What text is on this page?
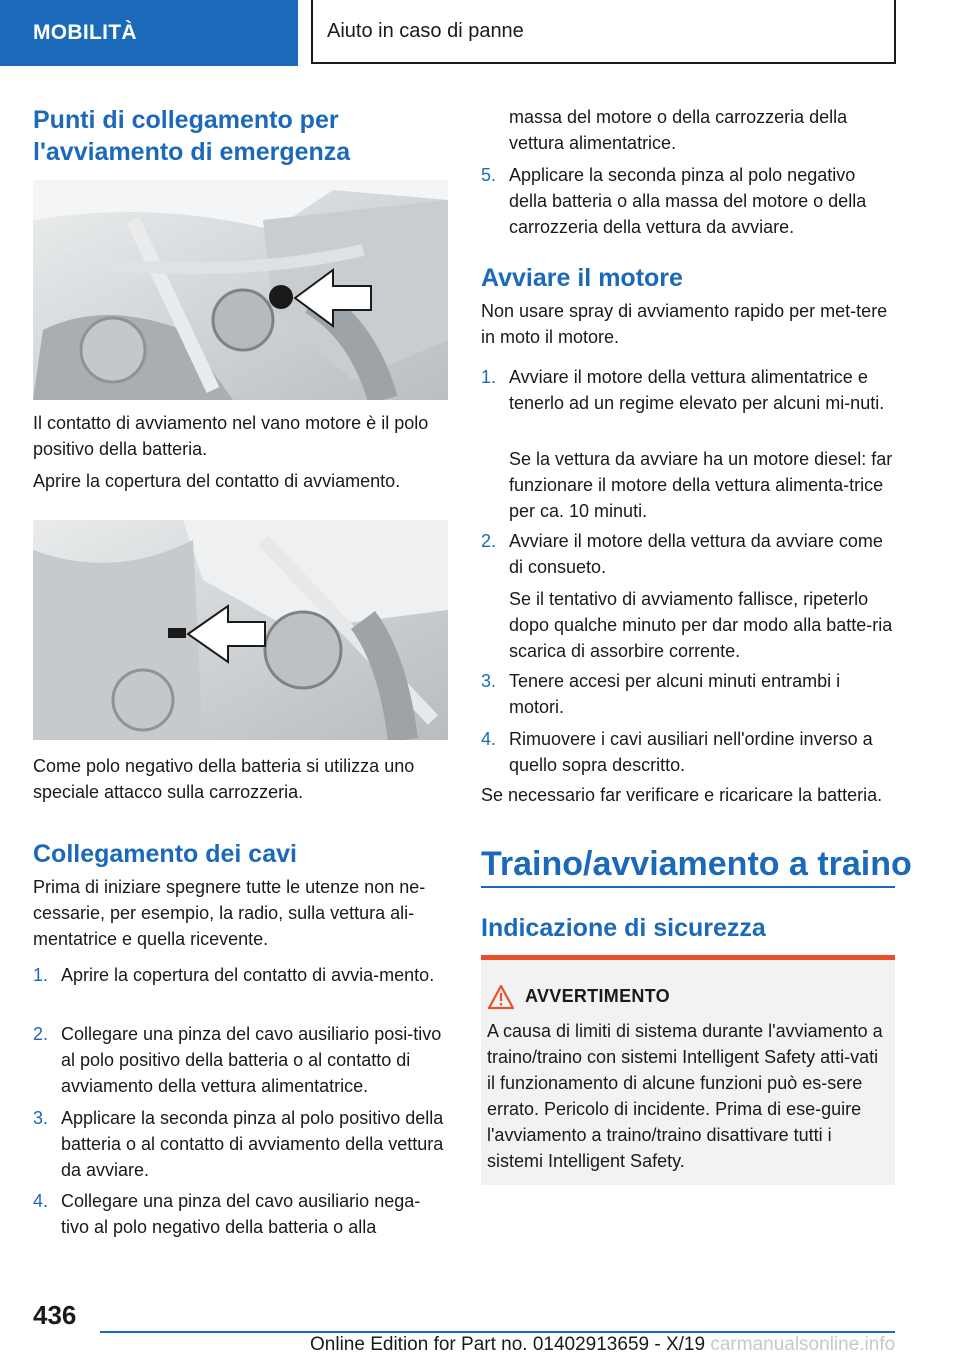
MOBILITÀ	Aiuto in caso di panne
Punti di collegamento per l'avviamento di emergenza

Il contatto di avviamento nel vano motore è il polo positivo della batteria.

Aprire la copertura del contatto di avviamento.

Come polo negativo della batteria si utilizza uno speciale attacco sulla carrozzeria.

Collegamento dei cavi

Prima di iniziare spegnere tutte le utenze non ne-cessarie, per esempio, la radio, sulla vettura ali-mentatrice e quella ricevente.

1. Aprire la copertura del contatto di avvia-mento.
2. Collegare una pinza del cavo ausiliario posi-tivo al polo positivo della batteria o al contatto di avviamento della vettura alimentatrice.
3. Applicare la seconda pinza al polo positivo della batteria o al contatto di avviamento della vettura da avviare.
4. Collegare una pinza del cavo ausiliario nega-tivo al polo negativo della batteria o alla

massa del motore o della carrozzeria della vettura alimentatrice.

5. Applicare la seconda pinza al polo negativo della batteria o alla massa del motore o della carrozzeria della vettura da avviare.
Avviare il motore

Non usare spray di avviamento rapido per met-tere in moto il motore.

1. Avviare il motore della vettura alimentatrice e tenerlo ad un regime elevato per alcuni mi-nuti.
Se la vettura da avviare ha un motore diesel: far funzionare il motore della vettura alimenta-trice per ca. 10 minuti.
2. Avviare il motore della vettura da avviare come di consueto.
Se il tentativo di avviamento fallisce, ripeterlo dopo qualche minuto per dar modo alla batte-ria scarica di assorbire corrente.
3. Tenere accesi per alcuni minuti entrambi i motori.
4. Rimuovere i cavi ausiliari nell'ordine inverso a quello sopra descritto.

Se necessario far verificare e ricaricare la batteria.

Traino/avviamento a traino
Indicazione di sicurezza
AVVERTIMENTO
A causa di limiti di sistema durante l'avviamento a traino/traino con sistemi Intelligent Safety atti-vati il funzionamento di alcune funzioni può es-sere errato. Pericolo di incidente. Prima di ese-guire l'avviamento a traino/traino disattivare tutti i sistemi Intelligent Safety.
436
Online Edition for Part no. 01402913659 - X/19 carmanualsonline.info
